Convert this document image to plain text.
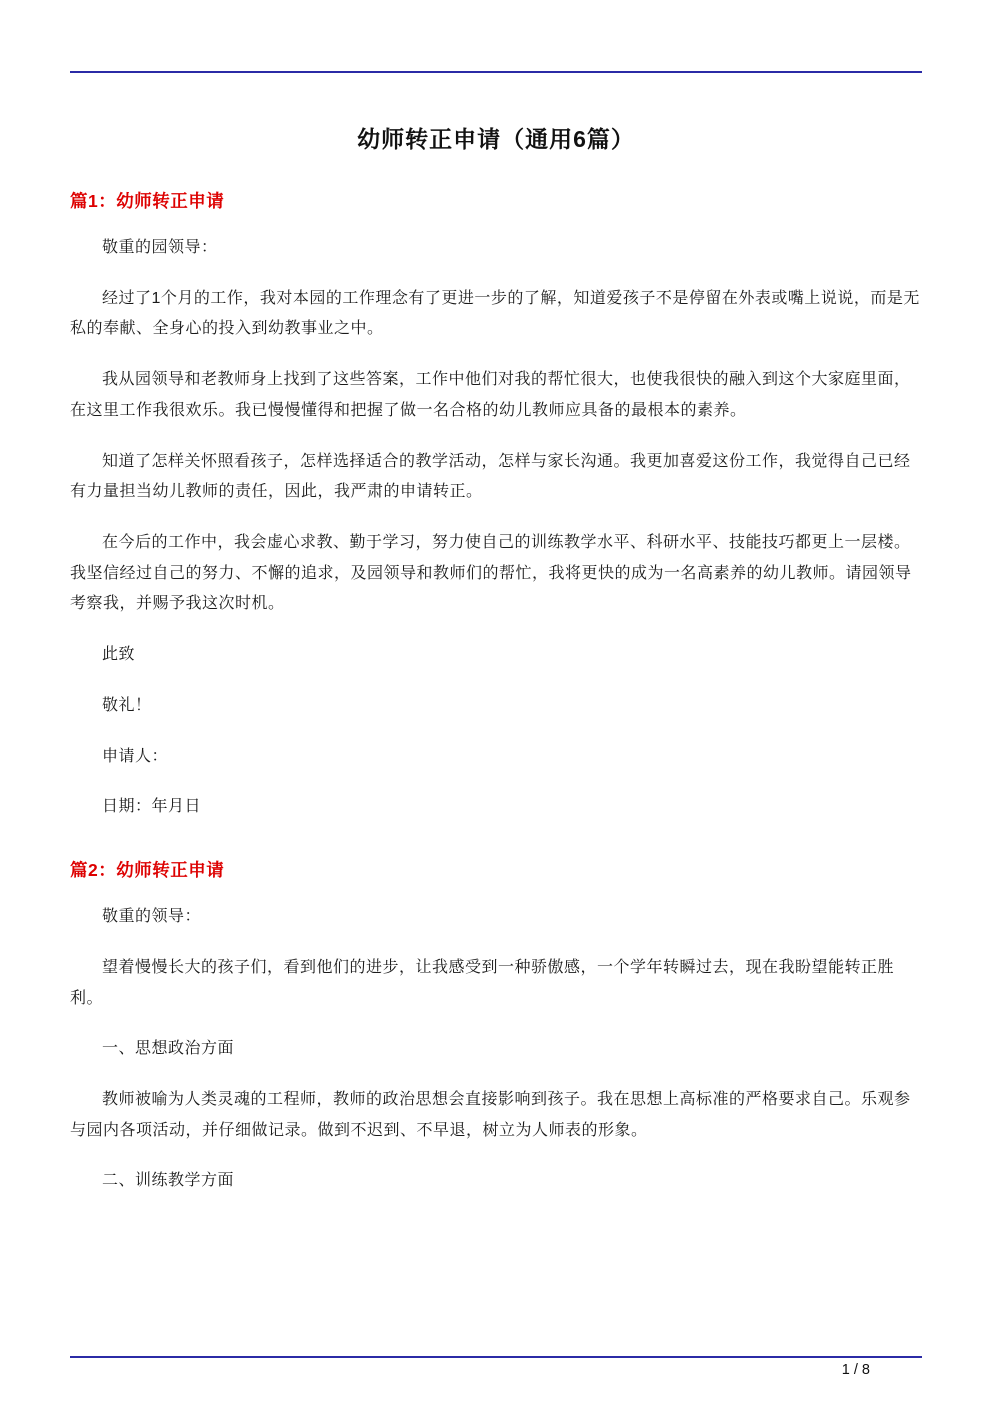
幼师转正申请（通用6篇）
篇1：幼师转正申请

敬重的园领导：

经过了1个月的工作，我对本园的工作理念有了更进一步的了解，知道爱孩子不是停留在外表或嘴上说说，而是无私的奉献、全身心的投入到幼教事业之中。

我从园领导和老教师身上找到了这些答案，工作中他们对我的帮忙很大，也使我很快的融入到这个大家庭里面，在这里工作我很欢乐。我已慢慢懂得和把握了做一名合格的幼儿教师应具备的最根本的素养。

知道了怎样关怀照看孩子，怎样选择适合的教学活动，怎样与家长沟通。我更加喜爱这份工作，我觉得自己已经有力量担当幼儿教师的责任，因此，我严肃的申请转正。

在今后的工作中，我会虚心求教、勤于学习，努力使自己的训练教学水平、科研水平、技能技巧都更上一层楼。我坚信经过自己的努力、不懈的追求，及园领导和教师们的帮忙，我将更快的成为一名高素养的幼儿教师。请园领导考察我，并赐予我这次时机。

此致

敬礼！

申请人：

日期：年月日

篇2：幼师转正申请

敬重的领导：

望着慢慢长大的孩子们，看到他们的进步，让我感受到一种骄傲感，一个学年转瞬过去，现在我盼望能转正胜利。

一、思想政治方面

教师被喻为人类灵魂的工程师，教师的政治思想会直接影响到孩子。我在思想上高标准的严格要求自己。乐观参与园内各项活动，并仔细做记录。做到不迟到、不早退，树立为人师表的形象。

二、训练教学方面

1 / 8
